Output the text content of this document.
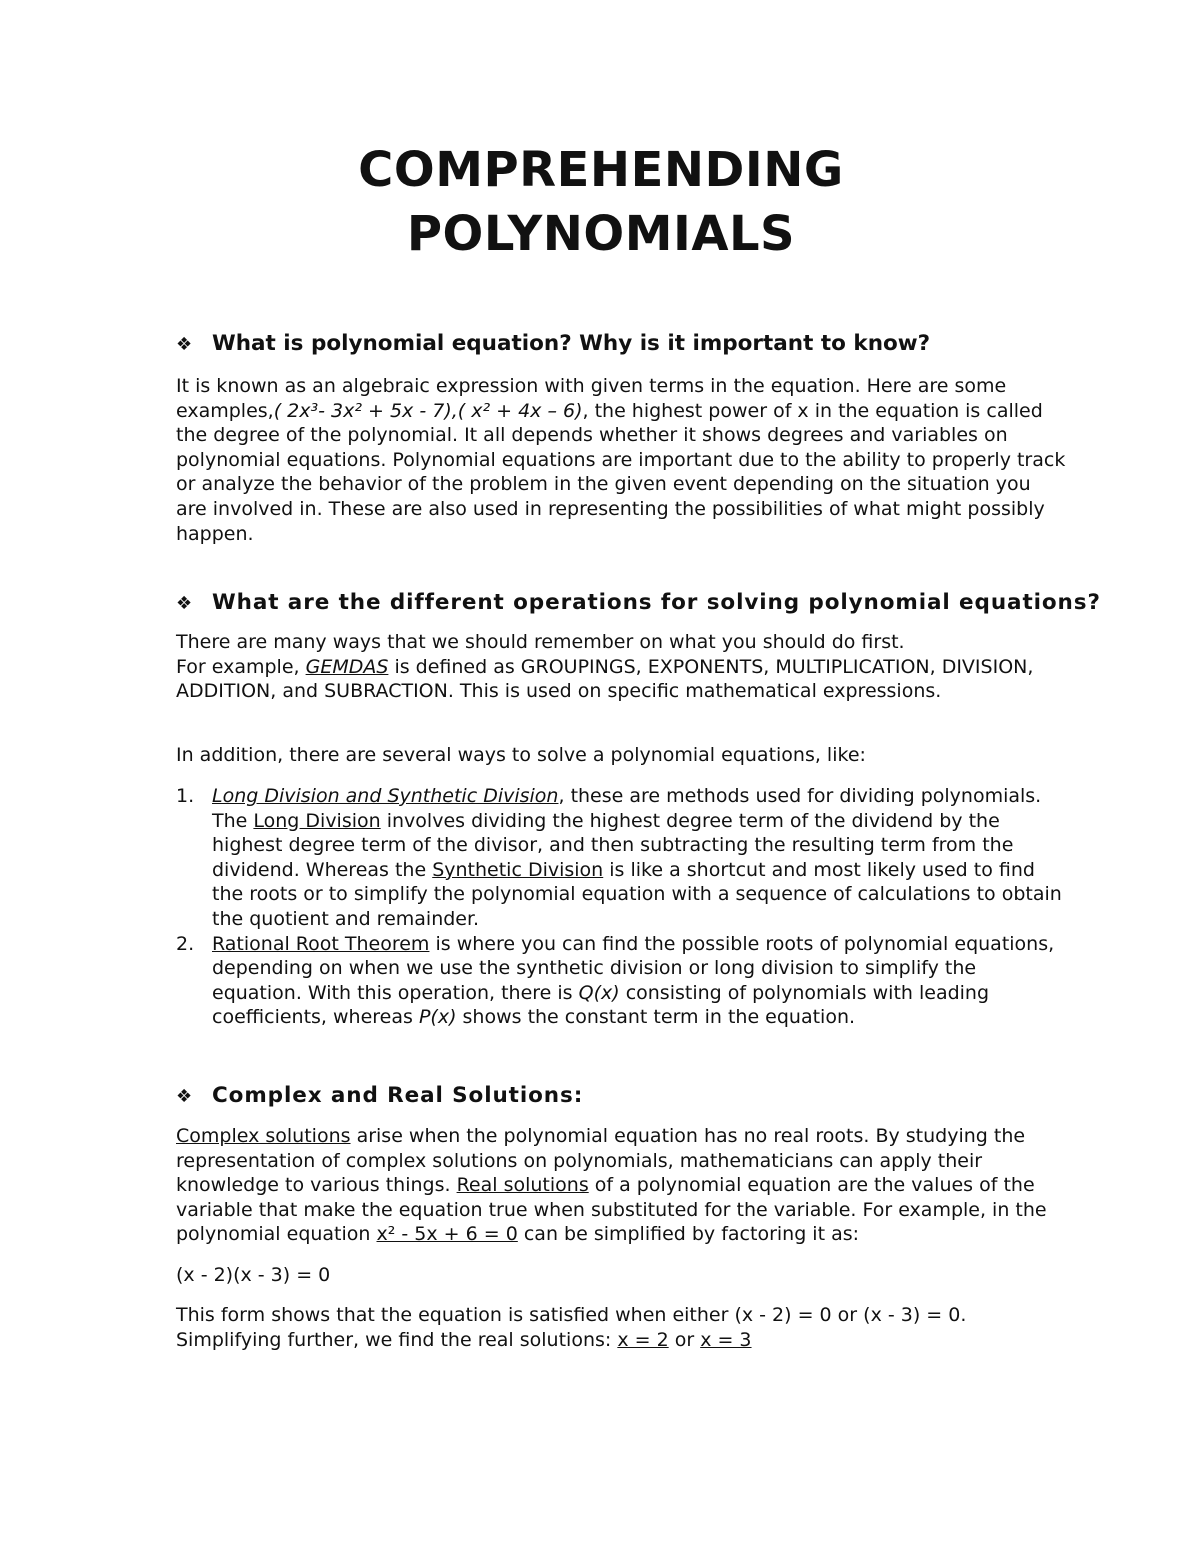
COMPREHENDING
POLYNOMIALS
❖ What is polynomial equation? Why is it important to know?

It is known as an algebraic expression with given terms in the equation. Here are some examples,( 2x³- 3x² + 5x - 7),( x² + 4x – 6), the highest power of x in the equation is called the degree of the polynomial. It all depends whether it shows degrees and variables on polynomial equations. Polynomial equations are important due to the ability to properly track or analyze the behavior of the problem in the given event depending on the situation you are involved in. These are also used in representing the possibilities of what might possibly happen.

❖ What are the different operations for solving polynomial equations?

There are many ways that we should remember on what you should do first.
For example, GEMDAS is defined as GROUPINGS, EXPONENTS, MULTIPLICATION, DIVISION, ADDITION, and SUBRACTION. This is used on specific mathematical expressions.

In addition, there are several ways to solve a polynomial equations, like:

1. Long Division and Synthetic Division, these are methods used for dividing polynomials.
The Long Division involves dividing the highest degree term of the dividend by the highest degree term of the divisor, and then subtracting the resulting term from the dividend. Whereas the Synthetic Division is like a shortcut and most likely used to find the roots or to simplify the polynomial equation with a sequence of calculations to obtain the quotient and remainder.
2. Rational Root Theorem is where you can find the possible roots of polynomial equations, depending on when we use the synthetic division or long division to simplify the equation. With this operation, there is Q(x) consisting of polynomials with leading coefficients, whereas P(x) shows the constant term in the equation.
❖ Complex and Real Solutions:

Complex solutions arise when the polynomial equation has no real roots. By studying the representation of complex solutions on polynomials, mathematicians can apply their knowledge to various things. Real solutions of a polynomial equation are the values of the variable that make the equation true when substituted for the variable. For example, in the polynomial equation x² - 5x + 6 = 0 can be simplified by factoring it as:

(x - 2)(x - 3) = 0

This form shows that the equation is satisfied when either (x - 2) = 0 or (x - 3) = 0.
Simplifying further, we find the real solutions: x = 2 or x = 3
